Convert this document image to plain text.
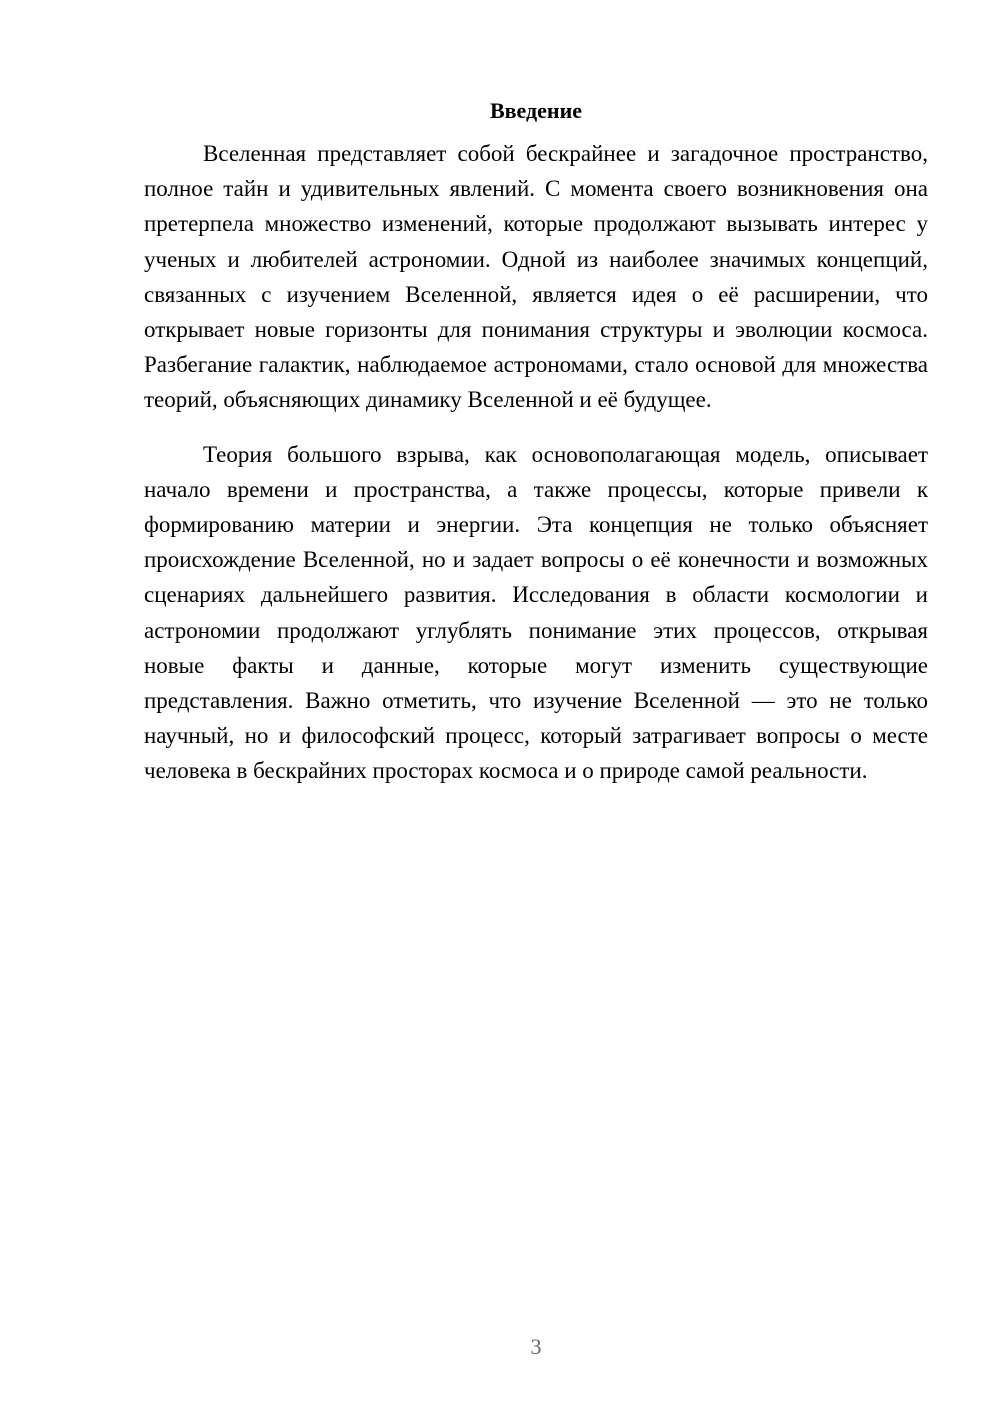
Введение

Вселенная представляет собой бескрайнее и загадочное пространство, полное тайн и удивительных явлений. С момента своего возникновения она претерпела множество изменений, которые продолжают вызывать интерес у ученых и любителей астрономии. Одной из наиболее значимых концепций, связанных с изучением Вселенной, является идея о её расширении, что открывает новые горизонты для понимания структуры и эволюции космоса. Разбегание галактик, наблюдаемое астрономами, стало основой для множества теорий, объясняющих динамику Вселенной и её будущее.

Теория большого взрыва, как основополагающая модель, описывает начало времени и пространства, а также процессы, которые привели к формированию материи и энергии. Эта концепция не только объясняет происхождение Вселенной, но и задает вопросы о её конечности и возможных сценариях дальнейшего развития. Исследования в области космологии и астрономии продолжают углублять понимание этих процессов, открывая новые факты и данные, которые могут изменить существующие представления. Важно отметить, что изучение Вселенной — это не только научный, но и философский процесс, который затрагивает вопросы о месте человека в бескрайних просторах космоса и о природе самой реальности.

3
